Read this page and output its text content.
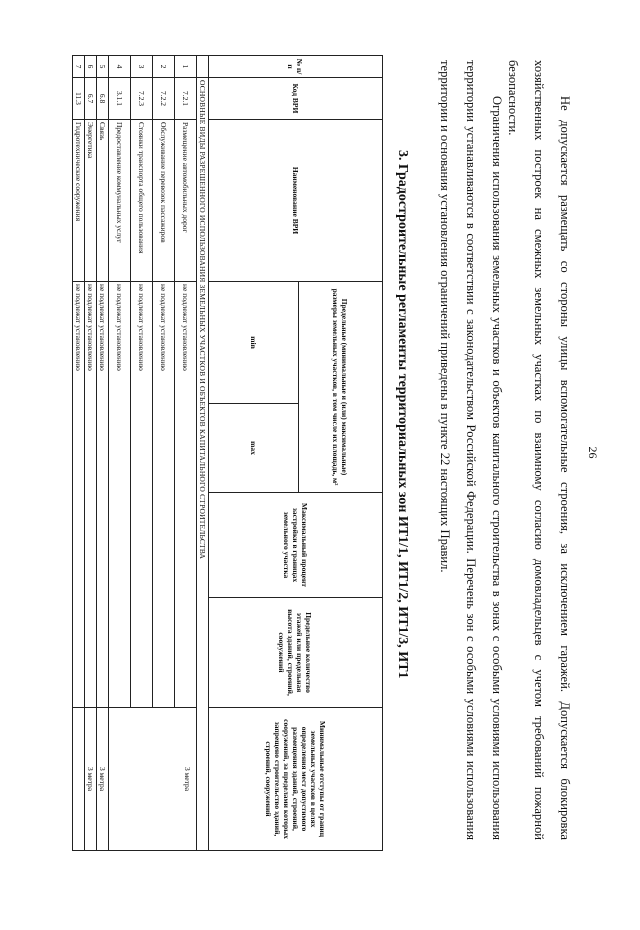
26
Не допускается размещать со стороны улицы вспомогательные строения, за исключением гаражей. Допускается блокировка хозяйственных построек на смежных земельных участках по взаимному согласию домовладельцев с учетом требований пожарной безопасности.
Ограничения использования земельных участков и объектов капитального строительства в зонах с особыми условиями использования территории устанавливаются в соответствии с законодательством Российской Федерации. Перечень зон с особыми условиями использования территории и основания установления ограничений приведены в пункте 22 настоящих Правил.
3. Градостроительные регламенты территориальных зон ИТ1/1, ИТ1/2, ИТ1/3, ИТ1
№ п/п	Код ВРИ	Наименование ВРИ	Предельные (минимальные и (или) максимальные) размеры земельных участков, в том числе их площадь, м²		Максимальный процент застройки в границах земельного участка	Предельное количество этажей или предельная высота зданий, строений, сооружений	Минимальные отступы от границ земельных участков в целях определения мест допустимого размещения зданий, строений, сооружений, за пределами которых запрещено строительство зданий, строений, сооружений
			min	max			
	ОСНОВНЫЕ ВИДЫ РАЗРЕШЕННОГО ИСПОЛЬЗОВАНИЯ ЗЕМЕЛЬНЫХ УЧАСТКОВ И ОБЪЕКТОВ КАПИТАЛЬНОГО СТРОИТЕЛЬСТВА						
1	7.2.1	Размещение автомобильных дорог	не подлежат установлению				3 метра
2	7.2.2	Обслуживание перевозок пассажиров	не подлежат установлению				
3	7.2.3	Стоянки транспорта общего пользования	не подлежат установлению				
4	3.1.1	Предоставление коммунальных услуг	не подлежат установлению				
5	6.8	Связь	не подлежат установлению				3 метра
6	6.7	Энергетика	не подлежат установлению				3 метра
7	11.3	Гидротехнические сооружения	не подлежат установлению				
